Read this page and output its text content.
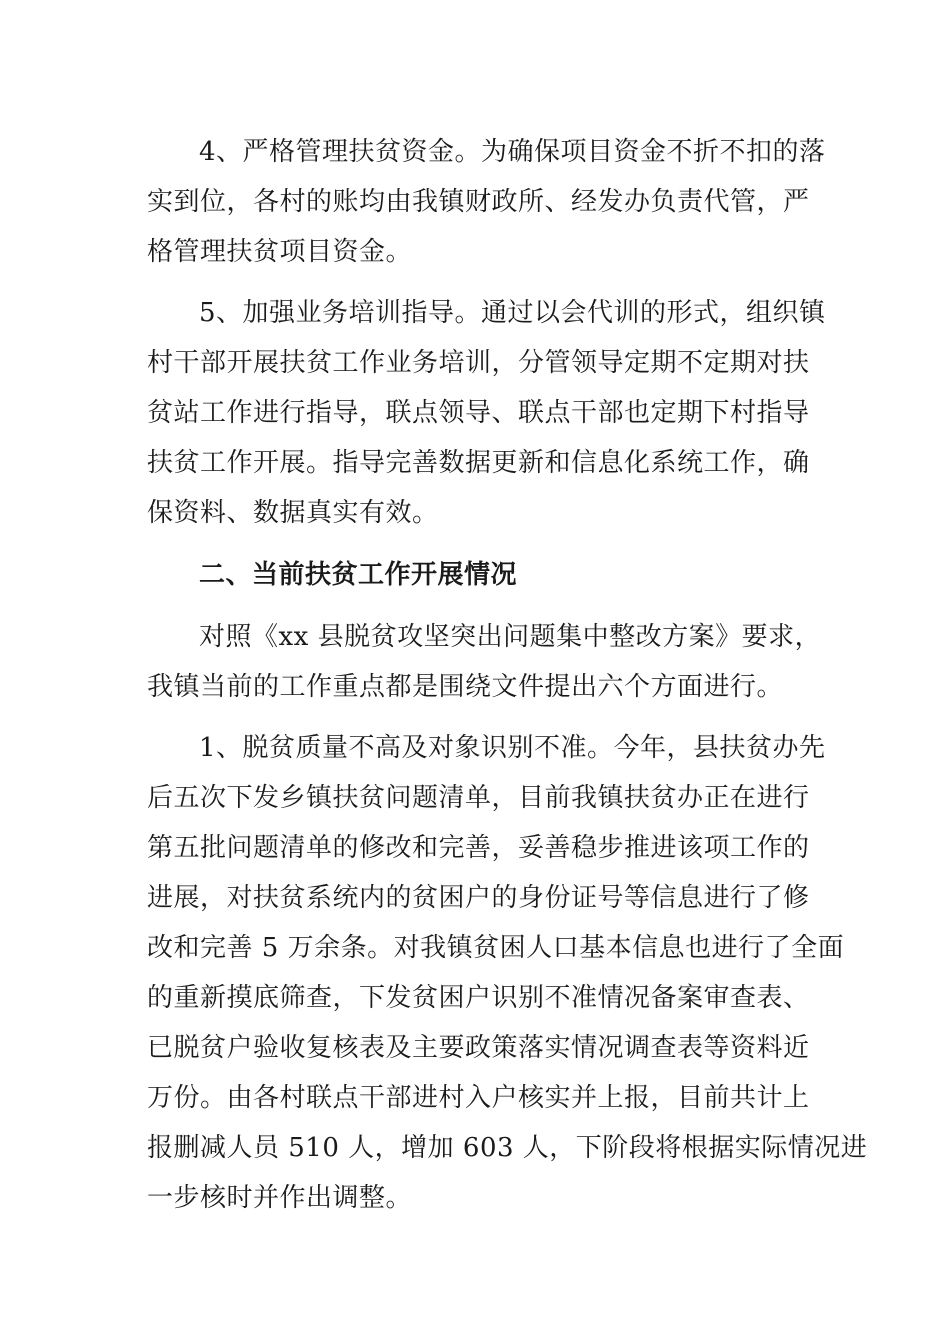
4、严格管理扶贫资金。为确保项目资金不折不扣的落

实到位，各村的账均由我镇财政所、经发办负责代管，严

格管理扶贫项目资金。

5、加强业务培训指导。通过以会代训的形式，组织镇

村干部开展扶贫工作业务培训，分管领导定期不定期对扶

贫站工作进行指导，联点领导、联点干部也定期下村指导

扶贫工作开展。指导完善数据更新和信息化系统工作，确

保资料、数据真实有效。

二、当前扶贫工作开展情况

对照《xx 县脱贫攻坚突出问题集中整改方案》要求，

我镇当前的工作重点都是围绕文件提出六个方面进行。

1、脱贫质量不高及对象识别不准。今年，县扶贫办先

后五次下发乡镇扶贫问题清单，目前我镇扶贫办正在进行

第五批问题清单的修改和完善，妥善稳步推进该项工作的

进展，对扶贫系统内的贫困户的身份证号等信息进行了修

改和完善 5 万余条。对我镇贫困人口基本信息也进行了全面

的重新摸底筛查，下发贫困户识别不准情况备案审查表、

已脱贫户验收复核表及主要政策落实情况调查表等资料近

万份。由各村联点干部进村入户核实并上报，目前共计上

报删减人员 510 人，增加 603 人，下阶段将根据实际情况进

一步核时并作出调整。
